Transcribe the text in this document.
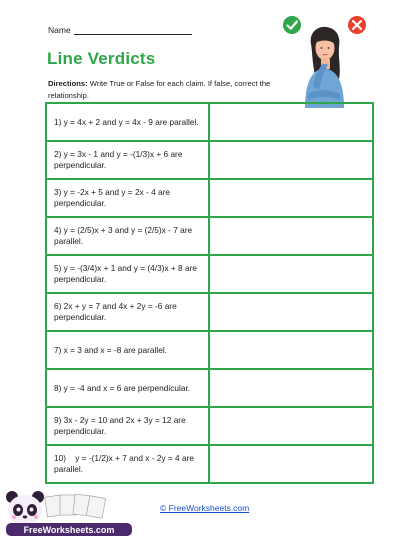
Name
Line Verdicts
Directions: Write True or False for each claim. If false, correct the relationship.
1) y = 4x + 2 and y = 4x - 9 are parallel.	
2) y = 3x - 1 and y = -(1/3)x + 6 are perpendicular.	
3) y = -2x + 5 and y = 2x - 4 are perpendicular.	
4) y = (2/5)x + 3 and y = (2/5)x - 7 are parallel.	
5) y = -(3/4)x + 1 and y = (4/3)x + 8 are perpendicular.	
6) 2x + y = 7 and 4x + 2y = -6 are perpendicular.	
7) x = 3 and x = -8 are parallel.	
8) y = -4 and x = 6 are perpendicular.	
9) 3x - 2y = 10 and 2x + 3y = 12 are perpendicular.	
10)    y = -(1/2)x + 7 and x - 2y = 4 are parallel.	
© FreeWorksheets.com
FreeWorksheets.com
